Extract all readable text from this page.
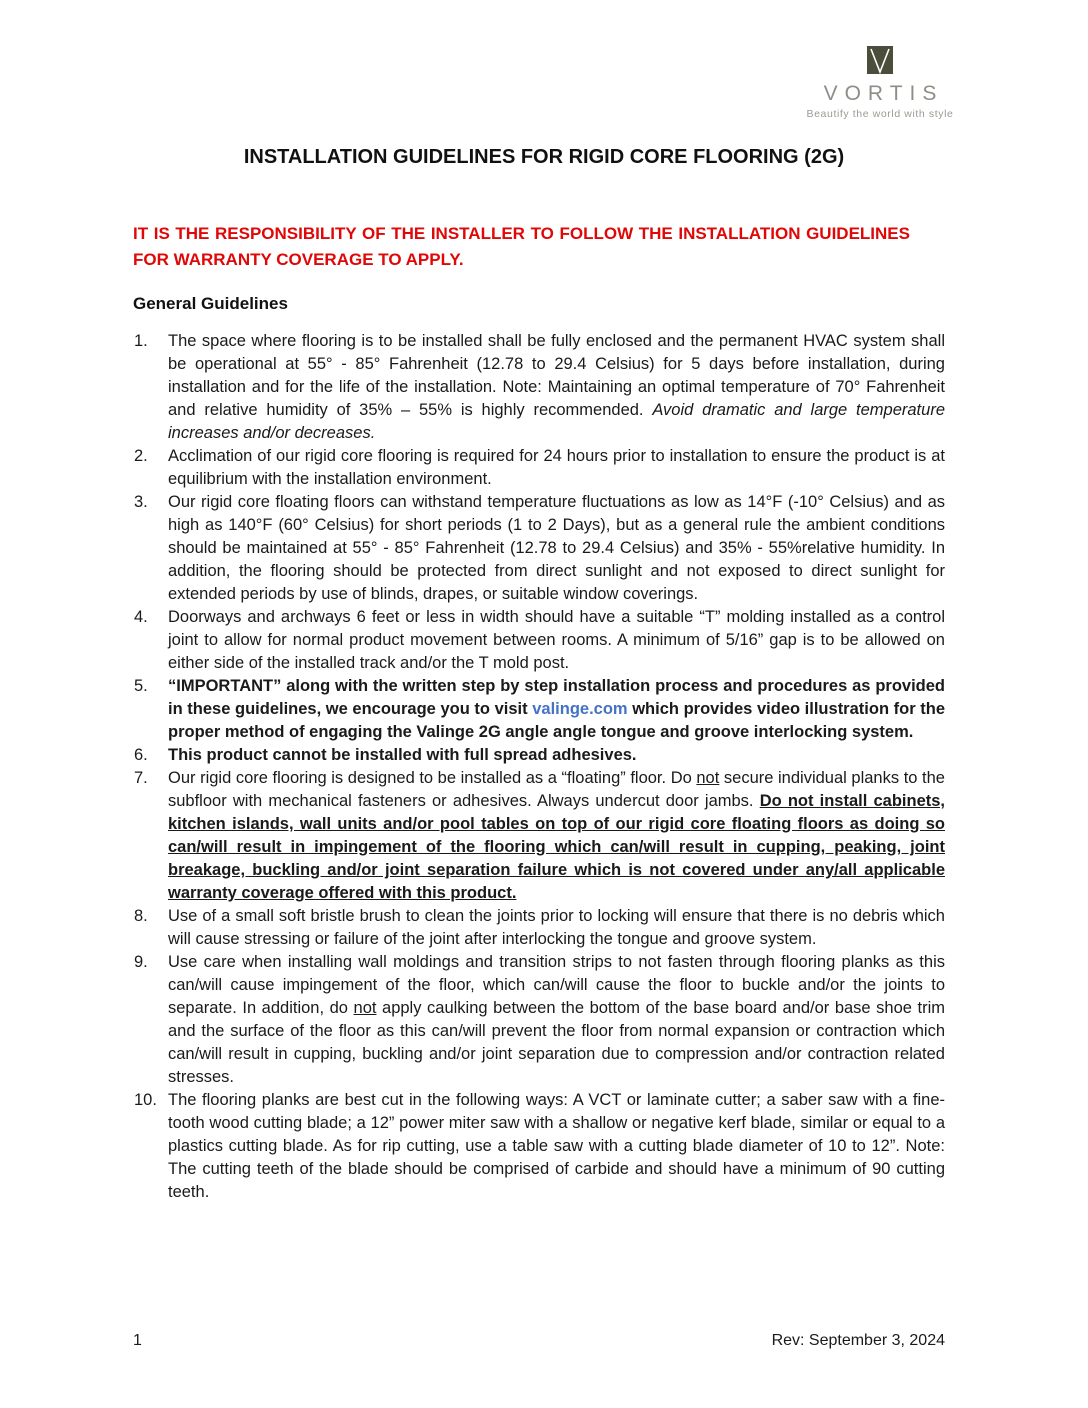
VORTIS
Beautify the world with style
INSTALLATION GUIDELINES FOR RIGID CORE FLOORING (2G)

IT IS THE RESPONSIBILITY OF THE INSTALLER TO FOLLOW THE INSTALLATION GUIDELINES
FOR WARRANTY COVERAGE TO APPLY.

General Guidelines
1. The space where flooring is to be installed shall be fully enclosed and the permanent HVAC system shall be operational at 55° - 85° Fahrenheit (12.78 to 29.4 Celsius) for 5 days before installation, during installation and for the life of the installation. Note: Maintaining an optimal temperature of 70° Fahrenheit and relative humidity of 35% – 55% is highly recommended. Avoid dramatic and large temperature increases and/or decreases.
2. Acclimation of our rigid core flooring is required for 24 hours prior to installation to ensure the product is at equilibrium with the installation environment.
3. Our rigid core floating floors can withstand temperature fluctuations as low as 14°F (-10° Celsius) and as high as 140°F (60° Celsius) for short periods (1 to 2 Days), but as a general rule the ambient conditions should be maintained at 55° - 85° Fahrenheit (12.78 to 29.4 Celsius) and 35% - 55%relative humidity. In addition, the flooring should be protected from direct sunlight and not exposed to direct sunlight for extended periods by use of blinds, drapes, or suitable window coverings.
4. Doorways and archways 6 feet or less in width should have a suitable “T” molding installed as a control joint to allow for normal product movement between rooms. A minimum of 5/16” gap is to be allowed on either side of the installed track and/or the T mold post.
5. “IMPORTANT” along with the written step by step installation process and procedures as provided in these guidelines, we encourage you to visit valinge.com which provides video illustration for the proper method of engaging the Valinge 2G angle angle tongue and groove interlocking system.
6. This product cannot be installed with full spread adhesives.
7. Our rigid core flooring is designed to be installed as a “floating” floor. Do not secure individual planks to the subfloor with mechanical fasteners or adhesives. Always undercut door jambs. Do not install cabinets, kitchen islands, wall units and/or pool tables on top of our rigid core floating floors as doing so can/will result in impingement of the flooring which can/will result in cupping, peaking, joint breakage, buckling and/or joint separation failure which is not covered under any/all applicable warranty coverage offered with this product.
8. Use of a small soft bristle brush to clean the joints prior to locking will ensure that there is no debris which will cause stressing or failure of the joint after interlocking the tongue and groove system.
9. Use care when installing wall moldings and transition strips to not fasten through flooring planks as this can/will cause impingement of the floor, which can/will cause the floor to buckle and/or the joints to separate. In addition, do not apply caulking between the bottom of the base board and/or base shoe trim and the surface of the floor as this can/will prevent the floor from normal expansion or contraction which can/will result in cupping, buckling and/or joint separation due to compression and/or contraction related stresses.
10. The flooring planks are best cut in the following ways: A VCT or laminate cutter; a saber saw with a fine-tooth wood cutting blade; a 12” power miter saw with a shallow or negative kerf blade, similar or equal to a plastics cutting blade. As for rip cutting, use a table saw with a cutting blade diameter of 10 to 12”. Note: The cutting teeth of the blade should be comprised of carbide and should have a minimum of 90 cutting teeth.
1	Rev: September 3, 2024
